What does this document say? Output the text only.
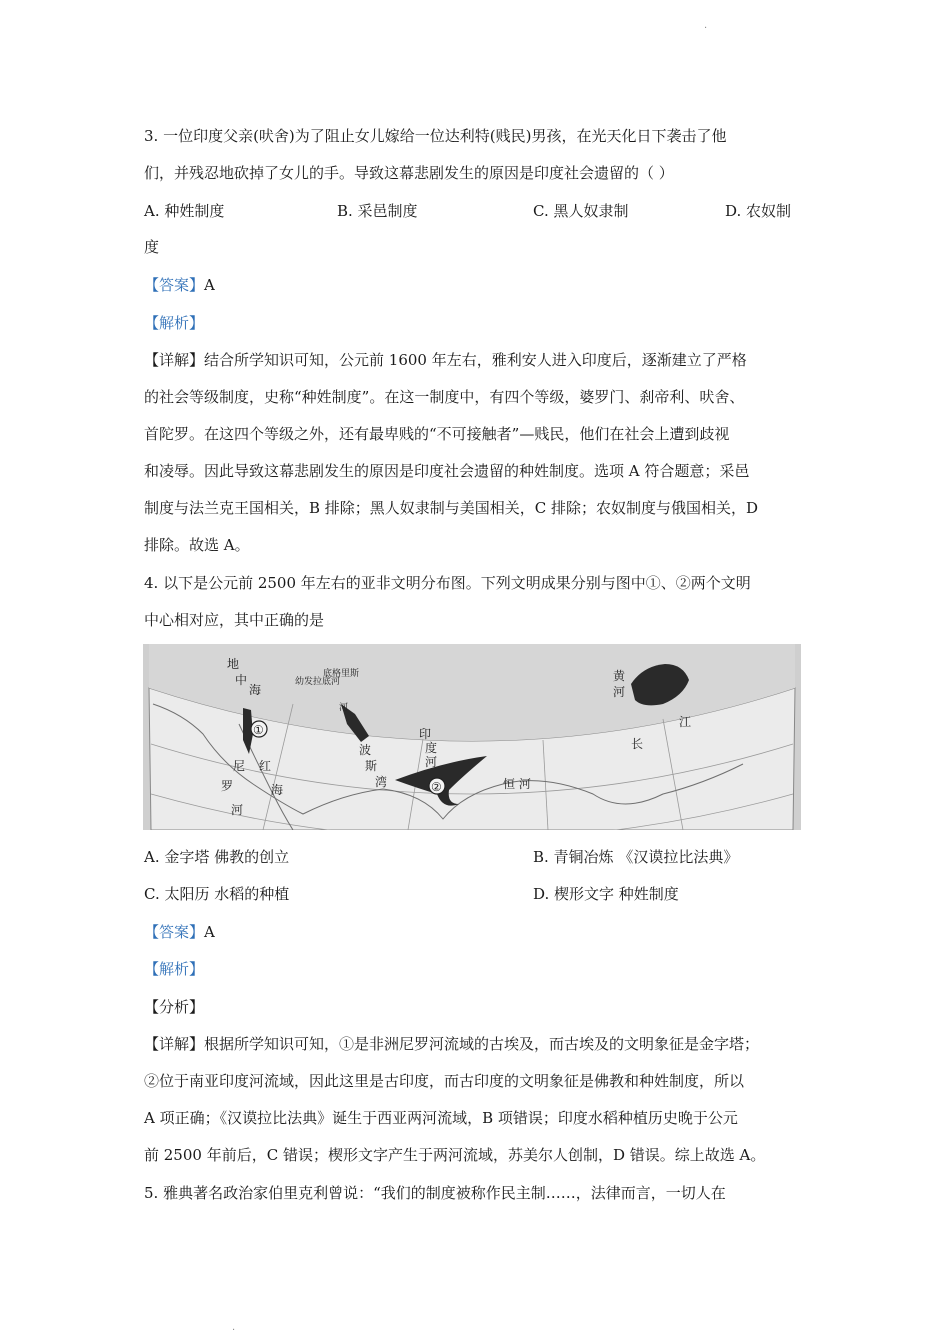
.
.
3. 一位印度父亲(吠舍)为了阻止女儿嫁给一位达利特(贱民)男孩，在光天化日下袭击了他
们，并残忍地砍掉了女儿的手。导致这幕悲剧发生的原因是印度社会遗留的（ ）
A. 种姓制度	B. 采邑制度	C. 黑人奴隶制	D. 农奴制
度
【答案】A
【解析】
【详解】结合所学知识可知，公元前 1600 年左右，雅利安人进入印度后，逐渐建立了严格
的社会等级制度，史称“种姓制度”。在这一制度中，有四个等级，婆罗门、刹帝利、吠舍、
首陀罗。在这四个等级之外，还有最卑贱的“不可接触者”—贱民，他们在社会上遭到歧视
和凌辱。因此导致这幕悲剧发生的原因是印度社会遗留的种姓制度。选项 A 符合题意；采邑
制度与法兰克王国相关，B 排除；黑人奴隶制与美国相关，C 排除；农奴制度与俄国相关，D
排除。故选 A。
4. 以下是公元前 2500 年左右的亚非文明分布图。下列文明成果分别与图中①、②两个文明
中心相对应，其中正确的是
地
中
海
幼发拉底河
底格里斯
河
波
斯
湾
尼
罗
河
红
海
印
度
河
恒 河
黄
河
江
长
①
②
A. 金字塔 佛教的创立	B. 青铜冶炼 《汉谟拉比法典》
C. 太阳历 水稻的种植	D. 楔形文字 种姓制度
【答案】A
【解析】
【分析】
【详解】根据所学知识可知，①是非洲尼罗河流域的古埃及，而古埃及的文明象征是金字塔；
②位于南亚印度河流域，因此这里是古印度，而古印度的文明象征是佛教和种姓制度，所以
A 项正确；《汉谟拉比法典》诞生于西亚两河流域，B 项错误；印度水稻种植历史晚于公元
前 2500 年前后，C 错误；楔形文字产生于两河流域，苏美尔人创制，D 错误。综上故选 A。
5. 雅典著名政治家伯里克利曾说：“我们的制度被称作民主制……，法律而言，一切人在
